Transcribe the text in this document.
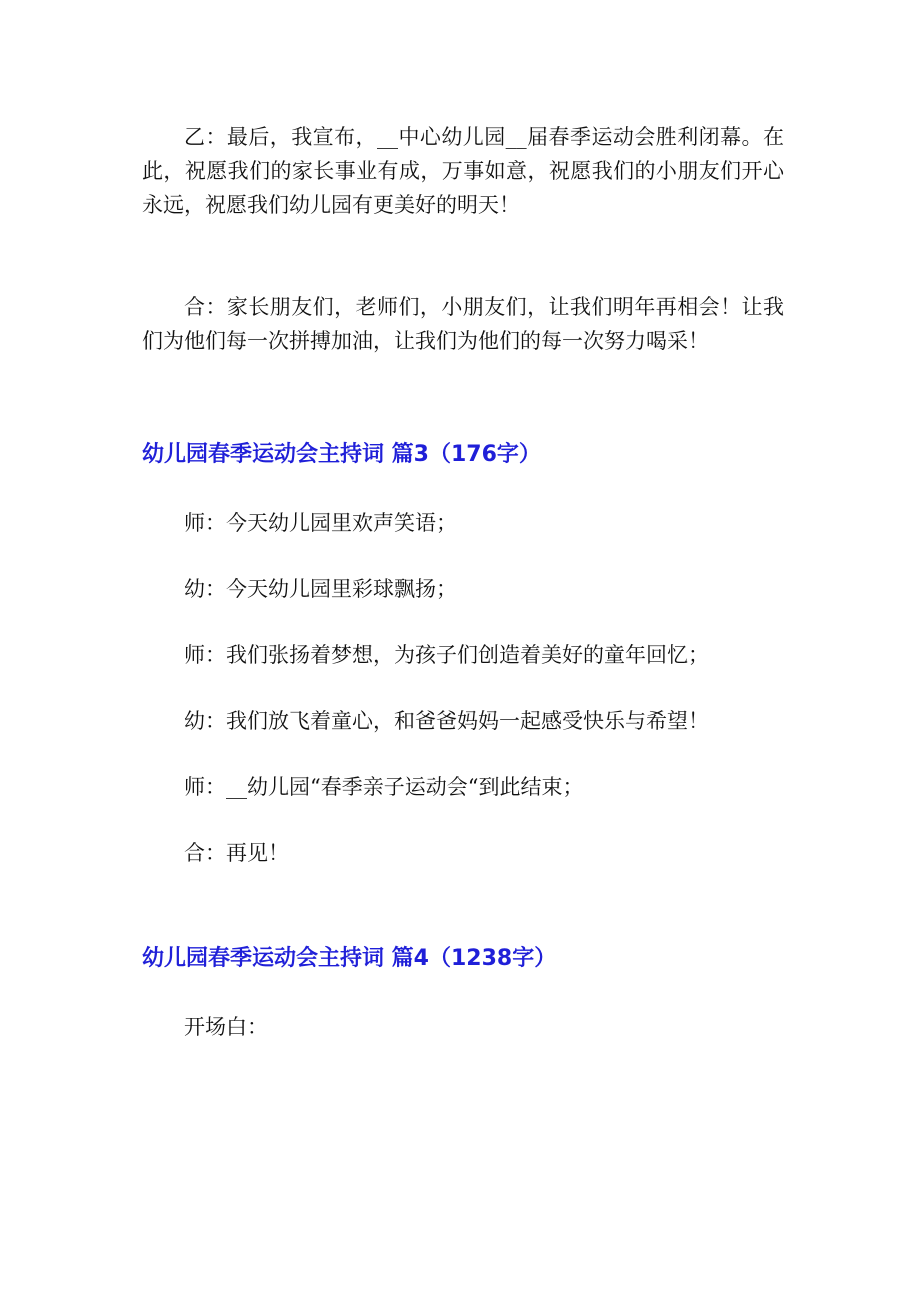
乙：最后，我宣布，__中心幼儿园__届春季运动会胜利闭幕。在此，祝愿我们的家长事业有成，万事如意，祝愿我们的小朋友们开心永远，祝愿我们幼儿园有更美好的明天！

合：家长朋友们，老师们，小朋友们，让我们明年再相会！让我们为他们每一次拼搏加油，让我们为他们的每一次努力喝采！

幼儿园春季运动会主持词 篇3（176字）

师：今天幼儿园里欢声笑语；

幼：今天幼儿园里彩球飘扬；

师：我们张扬着梦想，为孩子们创造着美好的童年回忆；

幼：我们放飞着童心，和爸爸妈妈一起感受快乐与希望！

师：__幼儿园“春季亲子运动会“到此结束；

合：再见！

幼儿园春季运动会主持词 篇4（1238字）

开场白：
